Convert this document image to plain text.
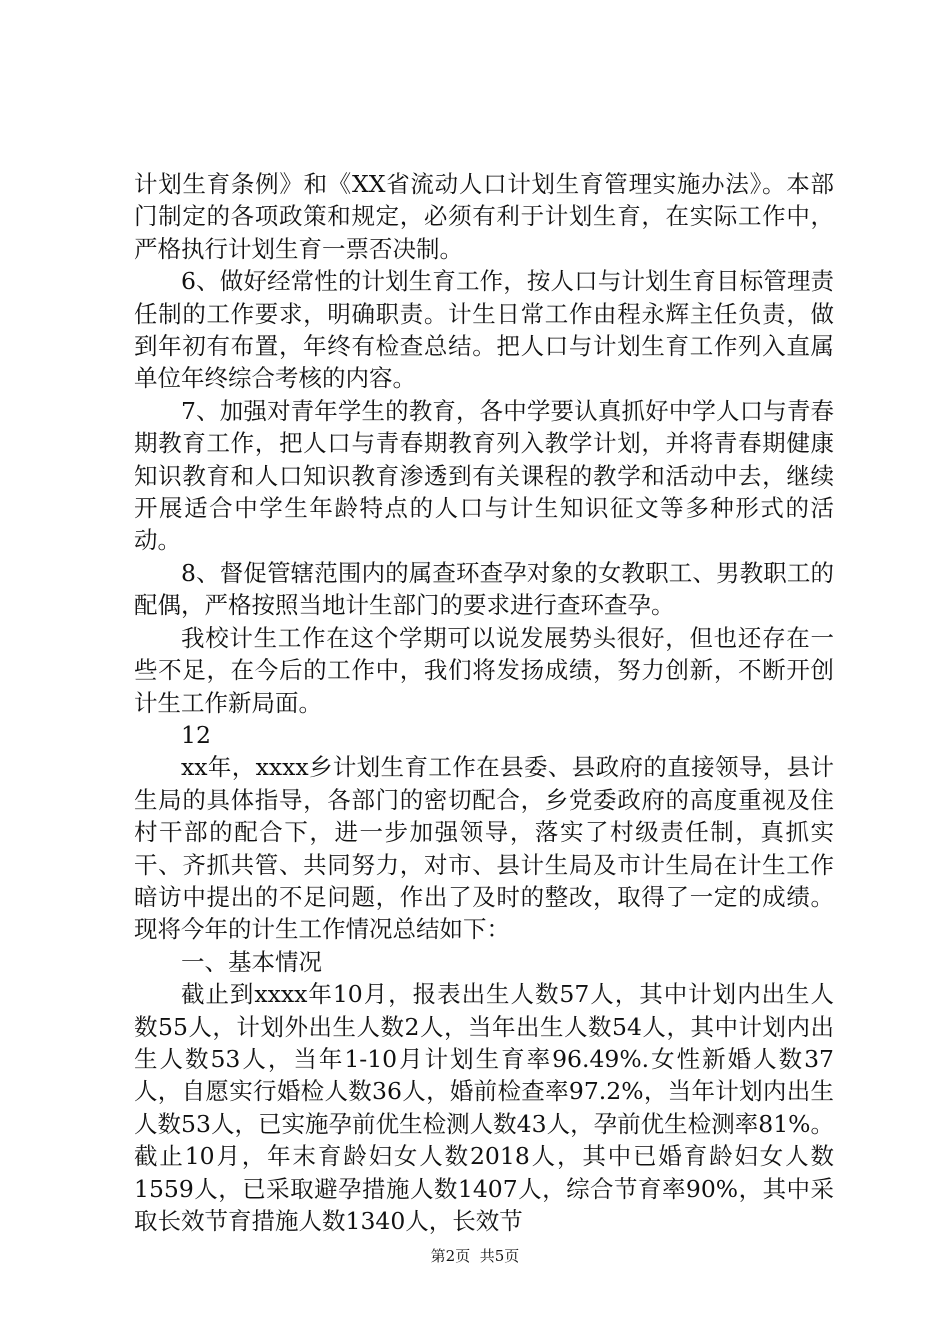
计划生育条例》和《XX省流动人口计划生育管理实施办法》。本部门制定的各项政策和规定，必须有利于计划生育，在实际工作中，严格执行计划生育一票否决制。

6、做好经常性的计划生育工作，按人口与计划生育目标管理责任制的工作要求，明确职责。计生日常工作由程永辉主任负责，做到年初有布置，年终有检查总结。把人口与计划生育工作列入直属单位年终综合考核的内容。

7、加强对青年学生的教育，各中学要认真抓好中学人口与青春期教育工作，把人口与青春期教育列入教学计划，并将青春期健康知识教育和人口知识教育渗透到有关课程的教学和活动中去，继续开展适合中学生年龄特点的人口与计生知识征文等多种形式的活动。

8、督促管辖范围内的属查环查孕对象的女教职工、男教职工的配偶，严格按照当地计生部门的要求进行查环查孕。

我校计生工作在这个学期可以说发展势头很好，但也还存在一些不足，在今后的工作中，我们将发扬成绩，努力创新，不断开创计生工作新局面。

12

xx年，xxxx乡计划生育工作在县委、县政府的直接领导，县计生局的具体指导，各部门的密切配合，乡党委政府的高度重视及住村干部的配合下，进一步加强领导，落实了村级责任制，真抓实干、齐抓共管、共同努力，对市、县计生局及市计生局在计生工作暗访中提出的不足问题，作出了及时的整改，取得了一定的成绩。现将今年的计生工作情况总结如下：

一、基本情况

截止到xxxx年10月，报表出生人数57人，其中计划内出生人数55人，计划外出生人数2人，当年出生人数54人，其中计划内出生人数53人，当年1-10月计划生育率96.49%.女性新婚人数37人，自愿实行婚检人数36人，婚前检查率97.2%，当年计划内出生人数53人，已实施孕前优生检测人数43人，孕前优生检测率81%。截止10月，年末育龄妇女人数2018人，其中已婚育龄妇女人数1559人，已采取避孕措施人数1407人，综合节育率90%，其中采取长效节育措施人数1340人，长效节

第2页 共5页
